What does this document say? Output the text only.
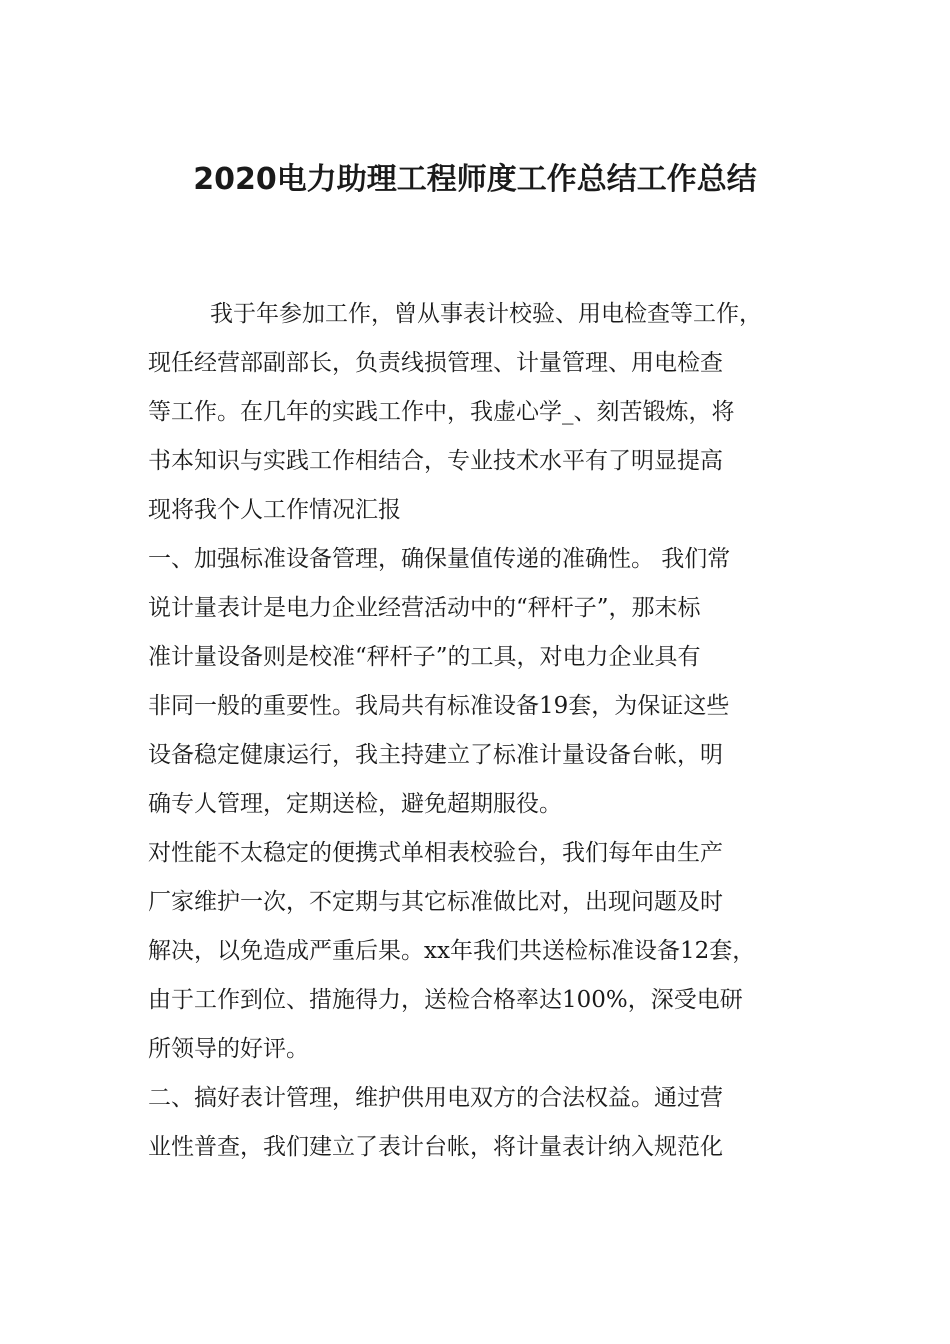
2020电力助理工程师度工作总结工作总结
我于年参加工作，曾从事表计校验、用电检查等工作，
现任经营部副部长，负责线损管理、计量管理、用电检查
等工作。在几年的实践工作中，我虚心学_、刻苦锻炼，将
书本知识与实践工作相结合，专业技术水平有了明显提高
现将我个人工作情况汇报
一、加强标准设备管理，确保量值传递的准确性。 我们常
说计量表计是电力企业经营活动中的“秤杆子”，那末标
准计量设备则是校准“秤杆子”的工具，对电力企业具有
非同一般的重要性。我局共有标准设备19套，为保证这些
设备稳定健康运行，我主持建立了标准计量设备台帐，明
确专人管理，定期送检，避免超期服役。
对性能不太稳定的便携式单相表校验台，我们每年由生产
厂家维护一次，不定期与其它标准做比对，出现问题及时
解决，以免造成严重后果。xx年我们共送检标准设备12套，
由于工作到位、措施得力，送检合格率达100%，深受电研
所领导的好评。
二、搞好表计管理，维护供用电双方的合法权益。通过营
业性普查，我们建立了表计台帐，将计量表计纳入规范化
